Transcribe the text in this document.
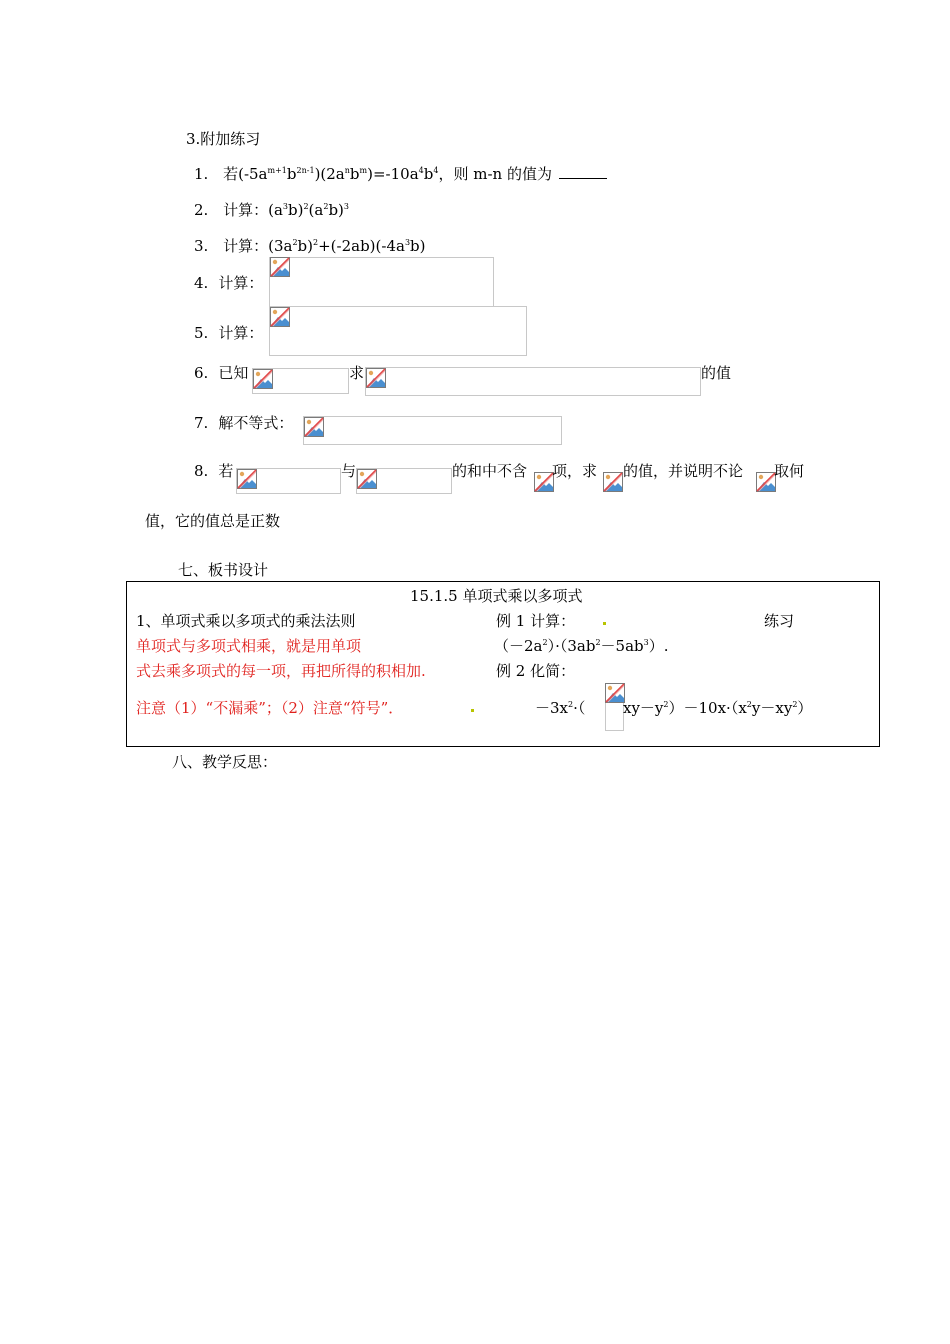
3.附加练习
1. 若$(-5a^{m+1}b^{2n-1})(2a^nb^m)=-10a^4b^4$，则 m-n 的值为
2. 计算：$(a^3b)^2(a^2b)^3$
3. 计算：$(3a^2b)^2+(-2ab)(-4a^3b)$
4. 计算：
5. 计算：
6. 已知	求	的值
7. 解不等式：
8. 若	与	的和中不含 项，求 的值，并说明不论 取何
值，它的值总是正数
七、板书设计
15.1.5 单项式乘以多项式
1、单项式乘以多项式的乘法法则
单项式与多项式相乘，就是用单项
式去乘多项式的每一项，再把所得的积相加.
注意（1）“不漏乘”；（2）注意“符号”．
例 1 计算：	练习
$(-2a^2)\cdot(3ab^2-5ab^3)$.
例 2 化简：
$-3x^2\cdot$（	$xy-y^2)-10x\cdot(x^2y-xy^2)$
八、教学反思：
